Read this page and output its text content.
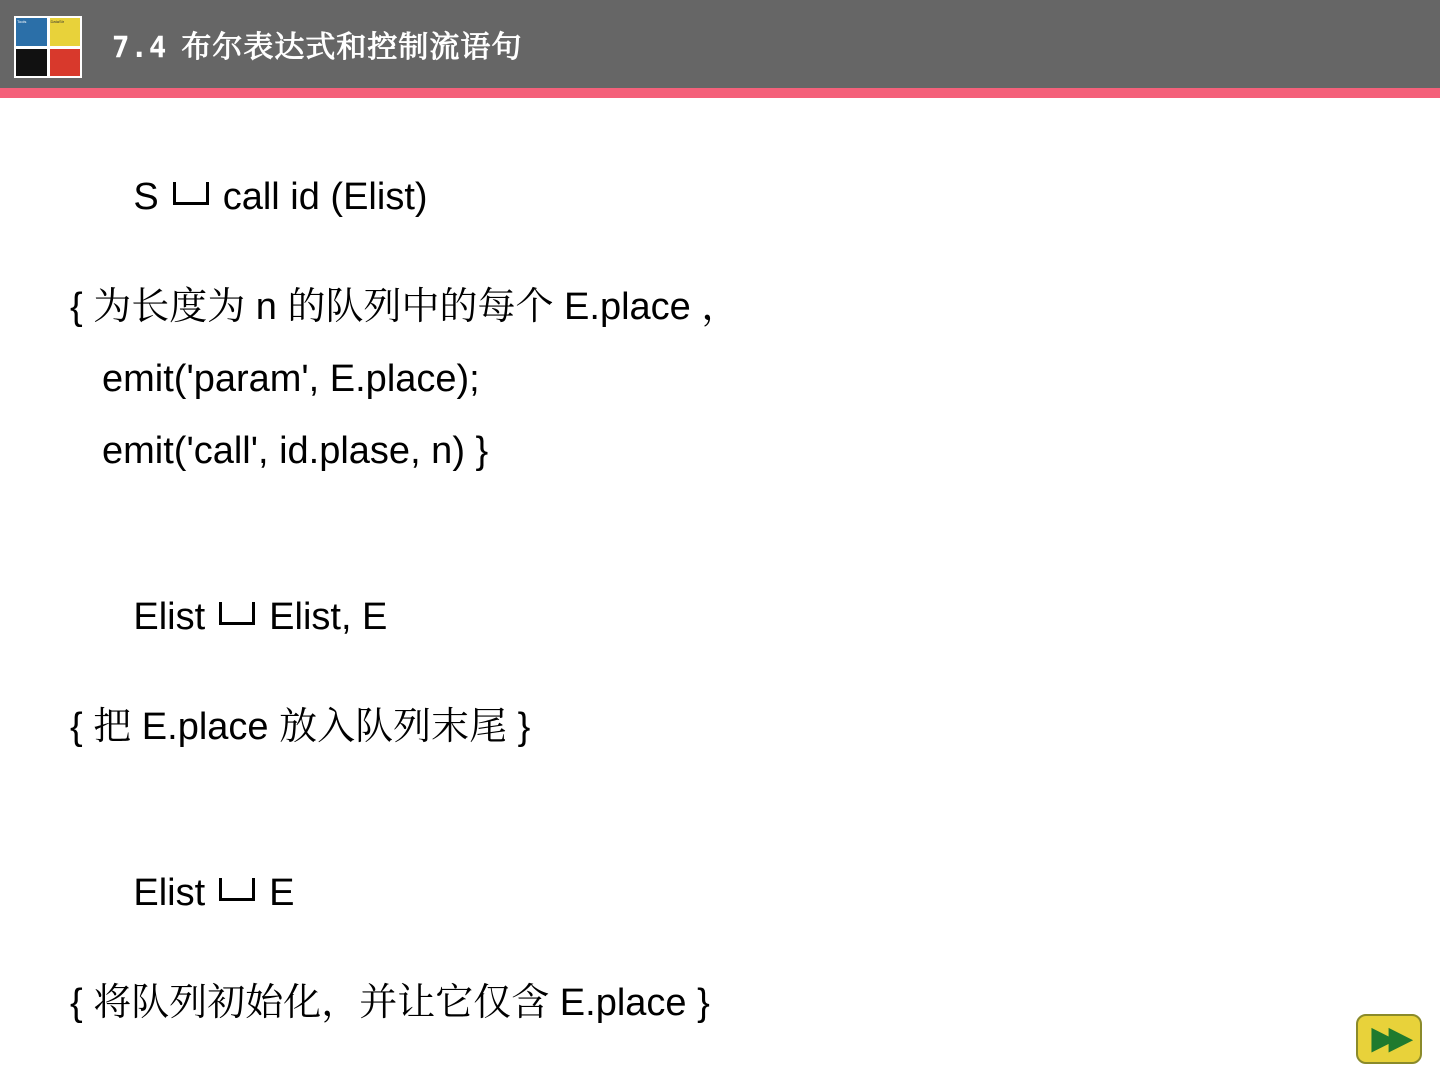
Tools	DataStr
7.4 布尔表达式和控制流语句

S call id (Elist)

{ 为长度为 n 的队列中的每个 E.place ，
emit('param', E.place);
emit('call', id.plase, n) }

Elist Elist, E

{ 把 E.place 放入队列末尾 }

Elist E

{ 将队列初始化，并让它仅含 E.place }
▶▶
